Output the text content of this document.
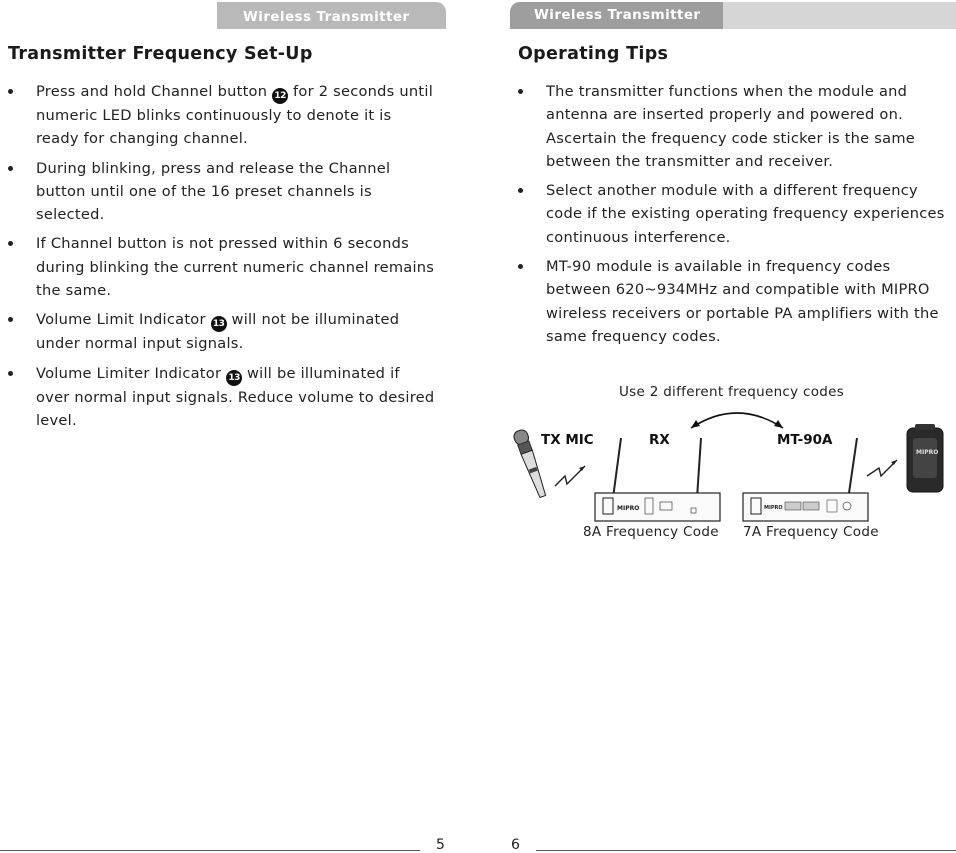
Wireless Transmitter
Transmitter Frequency Set-Up
Press and hold Channel button 12 for 2 seconds until numeric LED blinks continuously to denote it is ready for changing channel.
During blinking, press and release the Channel button until one of the 16 preset channels is selected.
If Channel button is not pressed within 6 seconds during blinking the current numeric channel remains the same.
Volume Limit Indicator 13 will not be illuminated under normal input signals.
Volume Limiter Indicator 13 will be illuminated if over normal input signals. Reduce volume to desired level.
5
Wireless Transmitter
Operating Tips
The transmitter functions when the module and antenna are inserted properly and powered on. Ascertain the frequency code sticker is the same between the transmitter and receiver.
Select another module with a different frequency code if the existing operating frequency experiences continuous interference.
MT-90 module is available in frequency codes between 620~934MHz and compatible with MIPRO wireless receivers or portable PA amplifiers with the same frequency codes.
Use 2 different frequency codes
TX MIC	RX	MT-90A
8A Frequency Code 7A Frequency Code
MIPRO	MIPRO
MIPRO
6
